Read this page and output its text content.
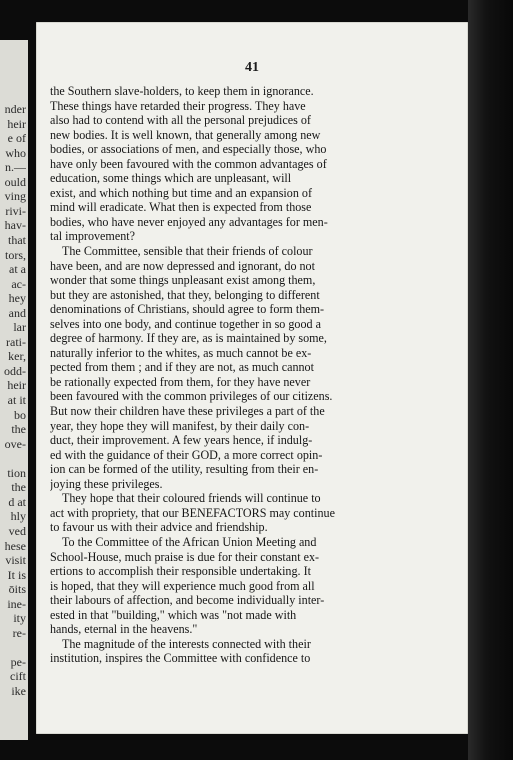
nder
heir
e of
who
n.—
ould
ving
rivi-
hav-
that
tors,
at a
ac-
hey
and
lar
rati-
ker,
odd-
heir
at it
bo
the
ove-
tion
the
d at
hly
ved
hese
visit
It is
ōits
ine-
ity
re-
pe-
cift
ike
41
the Southern slave-holders, to keep them in ignorance.
These things have retarded their progress. They have
also had to contend with all the personal prejudices of
new bodies. It is well known, that generally among new
bodies, or associations of men, and especially those, who
have only been favoured with the common advantages of
education, some things which are unpleasant, will
exist, and which nothing but time and an expansion of
mind will eradicate. What then is expected from those
bodies, who have never enjoyed any advantages for men-
tal improvement?
The Committee, sensible that their friends of colour
have been, and are now depressed and ignorant, do not
wonder that some things unpleasant exist among them,
but they are astonished, that they, belonging to different
denominations of Christians, should agree to form them-
selves into one body, and continue together in so good a
degree of harmony. If they are, as is maintained by some,
naturally inferior to the whites, as much cannot be ex-
pected from them ; and if they are not, as much cannot
be rationally expected from them, for they have never
been favoured with the common privileges of our citizens.
But now their children have these privileges a part of the
year, they hope they will manifest, by their daily con-
duct, their improvement. A few years hence, if indulg-
ed with the guidance of their GOD, a more correct opin-
ion can be formed of the utility, resulting from their en-
joying these privileges.
They hope that their coloured friends will continue to
act with propriety, that our BENEFACTORS may continue
to favour us with their advice and friendship.
To the Committee of the African Union Meeting and
School-House, much praise is due for their constant ex-
ertions to accomplish their responsible undertaking. It
is hoped, that they will experience much good from all
their labours of affection, and become individually inter-
ested in that "building," which was "not made with
hands, eternal in the heavens."
The magnitude of the interests connected with their
institution, inspires the Committee with confidence to
